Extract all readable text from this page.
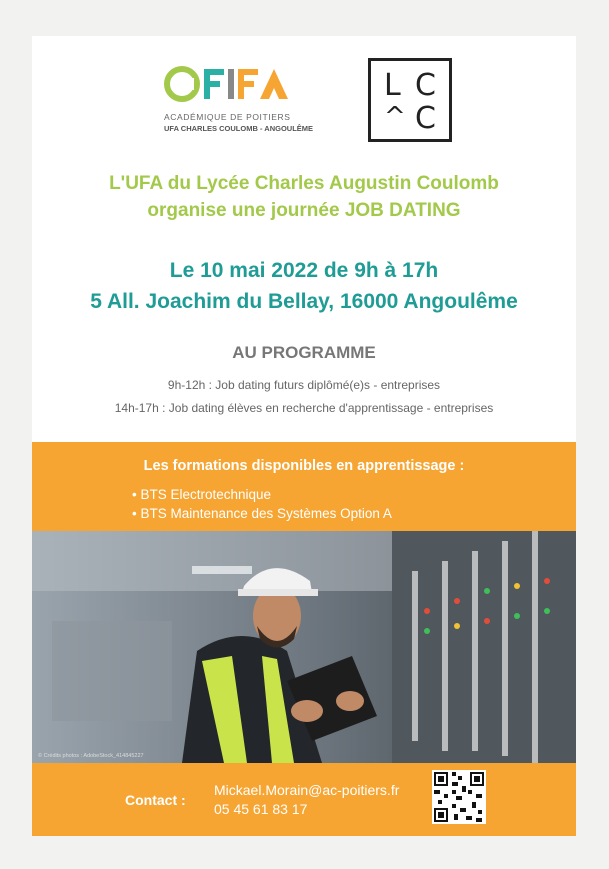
ACADÉMIQUE DE POITIERS
UFA CHARLES COULOMB - ANGOULÊME
L C
^ C
L'UFA du Lycée Charles Augustin Coulomb
organise une journée JOB DATING
Le 10 mai 2022 de 9h à 17h
5 All. Joachim du Bellay, 16000 Angoulême
AU PROGRAMME
9h-12h : Job dating futurs diplômé(e)s - entreprises
14h-17h : Job dating élèves en recherche d'apprentissage - entreprises
Les formations disponibles en apprentissage :
• BTS Electrotechnique
• BTS Maintenance des Systèmes Option A
© Crédits photos : AdobeStock_414845227
Contact :
Mickael.Morain@ac-poitiers.fr
05 45 61 83 17
